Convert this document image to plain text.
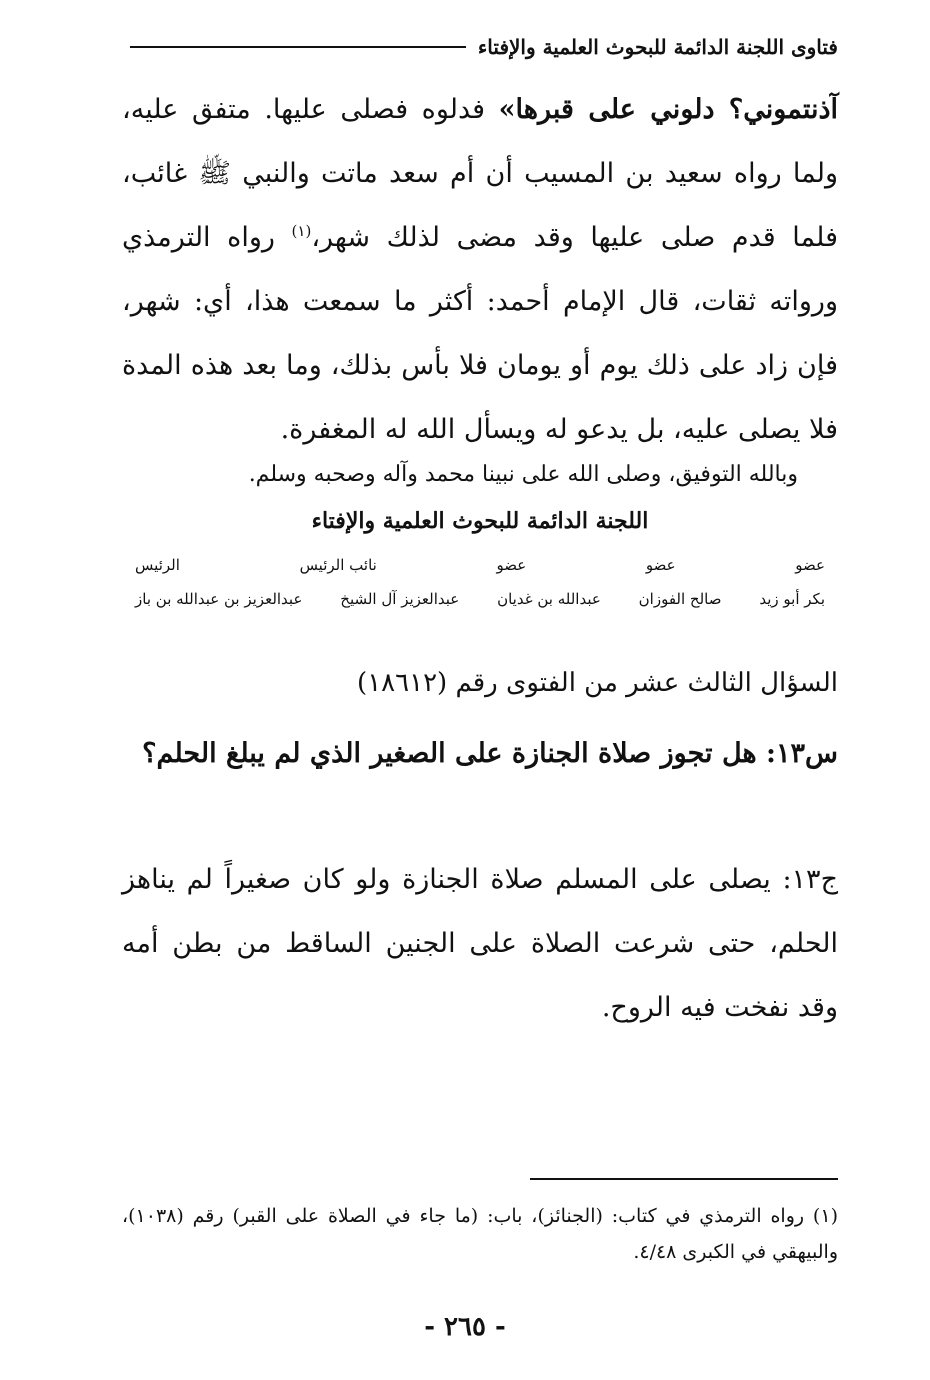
فتاوى اللجنة الدائمة للبحوث العلمية والإفتاء

آذنتموني؟ دلوني على قبرها» فدلوه فصلى عليها. متفق عليه، ولما رواه سعيد بن المسيب أن أم سعد ماتت والنبي ﷺ غائب، فلما قدم صلى عليها وقد مضى لذلك شهر،$^{(١)}$ رواه الترمذي ورواته ثقات، قال الإمام أحمد: أكثر ما سمعت هذا، أي: شهر، فإن زاد على ذلك يوم أو يومان فلا بأس بذلك، وما بعد هذه المدة فلا يصلى عليه، بل يدعو له ويسأل الله له المغفرة.

وبالله التوفيق، وصلى الله على نبينا محمد وآله وصحبه وسلم.
اللجنة الدائمة للبحوث العلمية والإفتاء
عضو
عضو
عضو
نائب الرئيس
الرئيس
بكر أبو زيد
صالح الفوزان
عبدالله بن غديان
عبدالعزيز آل الشيخ
عبدالعزيز بن عبدالله بن باز
السؤال الثالث عشر من الفتوى رقم (١٨٦١٢)

س١٣: هل تجوز صلاة الجنازة على الصغير الذي لم يبلغ الحلم؟

ج١٣: يصلى على المسلم صلاة الجنازة ولو كان صغيراً لم يناهز الحلم، حتى شرعت الصلاة على الجنين الساقط من بطن أمه وقد نفخت فيه الروح.

(١) رواه الترمذي في كتاب: (الجنائز)، باب: (ما جاء في الصلاة على القبر) رقم (١٠٣٨)، والبيهقي في الكبرى ٤/٤٨.

- ٢٦٥ -
